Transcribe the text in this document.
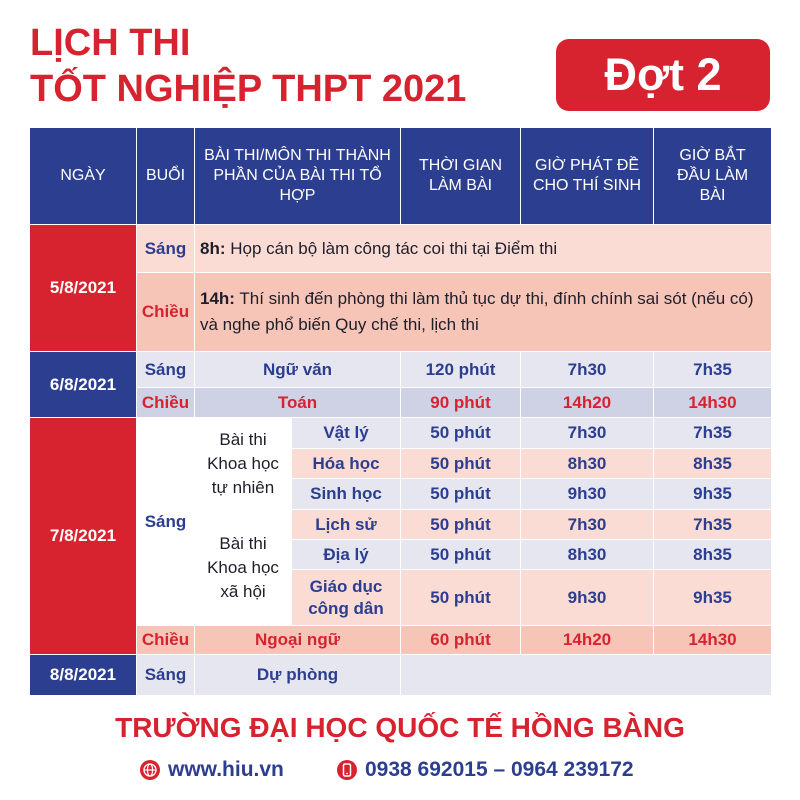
LỊCH THI
TỐT NGHIỆP THPT 2021	Đợt 2
NGÀY	BUỔI	BÀI THI/MÔN THI THÀNH PHẦN CỦA BÀI THI TỔ HỢP		THỜI GIAN LÀM BÀI	GIỜ PHÁT ĐỀ CHO THÍ SINH	GIỜ BẮT ĐẦU LÀM BÀI
5/8/2021	Sáng	8h: Họp cán bộ làm công tác coi thi tại Điểm thi				
	Chiều	14h: Thí sinh đến phòng thi làm thủ tục dự thi, đính chính sai sót (nếu có) và nghe phổ biến Quy chế thi, lịch thi				
6/8/2021	Sáng	Ngữ văn		120 phút	7h30	7h35
	Chiều	Toán		90 phút	14h20	14h30
7/8/2021	Sáng	Bài thi Khoa học tự nhiên	Vật lý	50 phút	7h30	7h35
			Hóa học	50 phút	8h30	8h35
			Sinh học	50 phút	9h30	9h35
		Bài thi Khoa học xã hội	Lịch sử	50 phút	7h30	7h35
			Địa lý	50 phút	8h30	8h35
			Giáo dục công dân	50 phút	9h30	9h35
	Chiều	Ngoại ngữ		60 phút	14h20	14h30
8/8/2021	Sáng	Dự phòng				
TRƯỜNG ĐẠI HỌC QUỐC TẾ HỒNG BÀNG
www.hiu.vn	0938 692015 – 0964 239172
